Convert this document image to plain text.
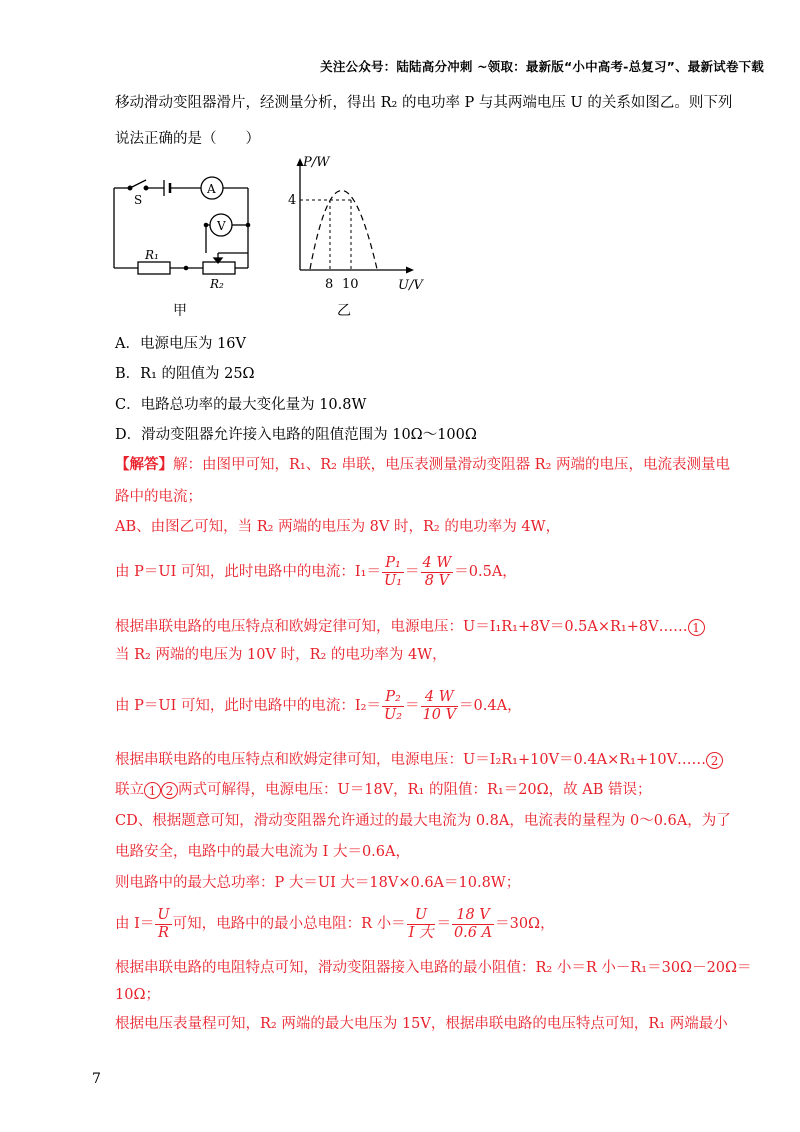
关注公众号：陆陆高分冲刺 ~领取：最新版“小中高考-总复习”、最新试卷下载
移动滑动变阻器滑片，经测量分析，得出 R₂ 的电功率 P 与其两端电压 U 的关系如图乙。则下列
说法正确的是（　　）
S
A
V
R₁
R₂
甲
P/W
4
8 10	U/V
乙
A．电源电压为 16V
B．R₁ 的阻值为 25Ω
C．电路总功率的最大变化量为 10.8W
D．滑动变阻器允许接入电路的阻值范围为 10Ω～100Ω
【解答】解：由图甲可知，R₁、R₂ 串联，电压表测量滑动变阻器 R₂ 两端的电压，电流表测量电
路中的电流；
AB、由图乙可知，当 R₂ 两端的电压为 8V 时，R₂ 的电功率为 4W，
由 P＝UI 可知，此时电路中的电流：$I_1= \frac{\text{P₁}}{\text{U₁}} = \frac{4 W}{8 V} =0.5A$，
根据串联电路的电压特点和欧姆定律可知，电源电压：U＝I₁R₁+8V＝0.5A×R₁+8V…… 1
当 R₂ 两端的电压为 10V 时，R₂ 的电功率为 4W，
由 P＝UI 可知，此时电路中的电流：$I_2= \frac{\text{P₂}}{\text{U₂}} = \frac{4 W}{10 V} =0.4A$，
根据串联电路的电压特点和欧姆定律可知，电源电压：U＝I₂R₁+10V＝0.4A×R₁+10V…… 2
联立 1 2 两式可解得，电源电压：U＝18V，R₁ 的阻值：R₁＝20Ω，故 AB 错误；
CD、根据题意可知，滑动变阻器允许通过的最大电流为 0.8A，电流表的量程为 0～0.6A，为了
电路安全，电路中的最大电流为 I 大＝0.6A，
则电路中的最大总功率：P 大＝UI 大＝18V×0.6A＝10.8W；
由 $I= \frac{U}{R}$ 可知，电路中的最小总电阻：R 小＝ $\frac{U}{\text{I 大}} = \frac{18 V}{0.6 A} =30\Omega$，
根据串联电路的电阻特点可知，滑动变阻器接入电路的最小阻值：R₂ 小＝R 小－R₁＝30Ω－20Ω＝
10Ω；
根据电压表量程可知，R₂ 两端的最大电压为 15V，根据串联电路的电压特点可知，R₁ 两端最小
7
